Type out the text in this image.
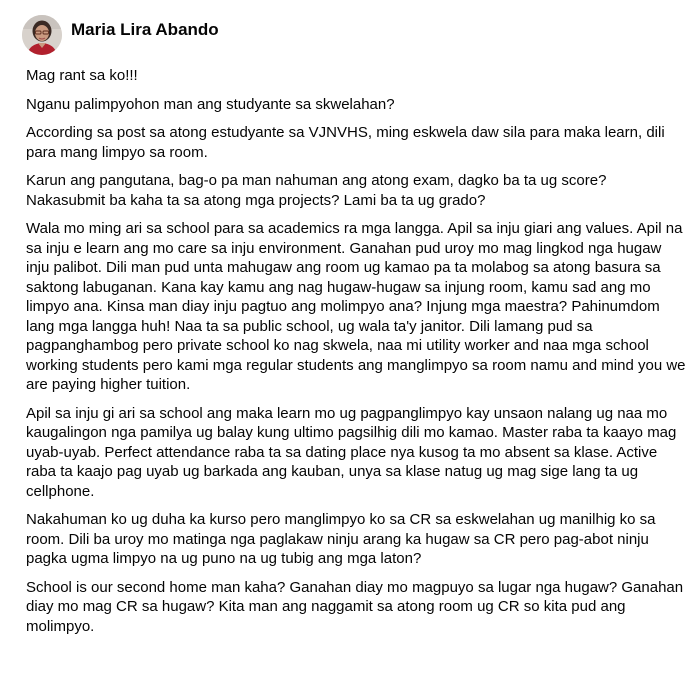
Maria Lira Abando

Mag rant sa ko!!!

Nganu palimpyohon man ang studyante sa skwelahan?

According sa post sa atong estudyante sa VJNVHS, ming eskwela daw sila para maka learn, dili para mang limpyo sa room.

Karun ang pangutana, bag-o pa man nahuman ang atong exam, dagko ba ta ug score? Nakasubmit ba kaha ta sa atong mga projects? Lami ba ta ug grado?

Wala mo ming ari sa school para sa academics ra mga langga. Apil sa inju giari ang values. Apil na sa inju e learn ang mo care sa inju environment. Ganahan pud uroy mo mag lingkod nga hugaw inju palibot. Dili man pud unta mahugaw ang room ug kamao pa ta molabog sa atong basura sa saktong labuganan. Kana kay kamu ang nag hugaw-hugaw sa injung room, kamu sad ang mo limpyo ana. Kinsa man diay inju pagtuo ang molimpyo ana? Injung mga maestra? Pahinumdom lang mga langga huh! Naa ta sa public school, ug wala ta'y janitor. Dili lamang pud sa pagpanghambog pero private school ko nag skwela, naa mi utility worker and naa mga school working students pero kami mga regular students ang manglimpyo sa room namu and mind you we are paying higher tuition.

Apil sa inju gi ari sa school ang maka learn mo ug pagpanglimpyo kay unsaon nalang ug naa mo kaugalingon nga pamilya ug balay kung ultimo pagsilhig dili mo kamao. Master raba ta kaayo mag uyab-uyab. Perfect attendance raba ta sa dating place nya kusog ta mo absent sa klase. Active raba ta kaajo pag uyab ug barkada ang kauban, unya sa klase natug ug mag sige lang ta ug cellphone.

Nakahuman ko ug duha ka kurso pero manglimpyo ko sa CR sa eskwelahan ug manilhig ko sa room. Dili ba uroy mo matinga nga paglakaw ninju arang ka hugaw sa CR pero pag-abot ninju pagka ugma limpyo na ug puno na ug tubig ang mga laton?

School is our second home man kaha? Ganahan diay mo magpuyo sa lugar nga hugaw? Ganahan diay mo mag CR sa hugaw? Kita man ang naggamit sa atong room ug CR so kita pud ang molimpyo.
